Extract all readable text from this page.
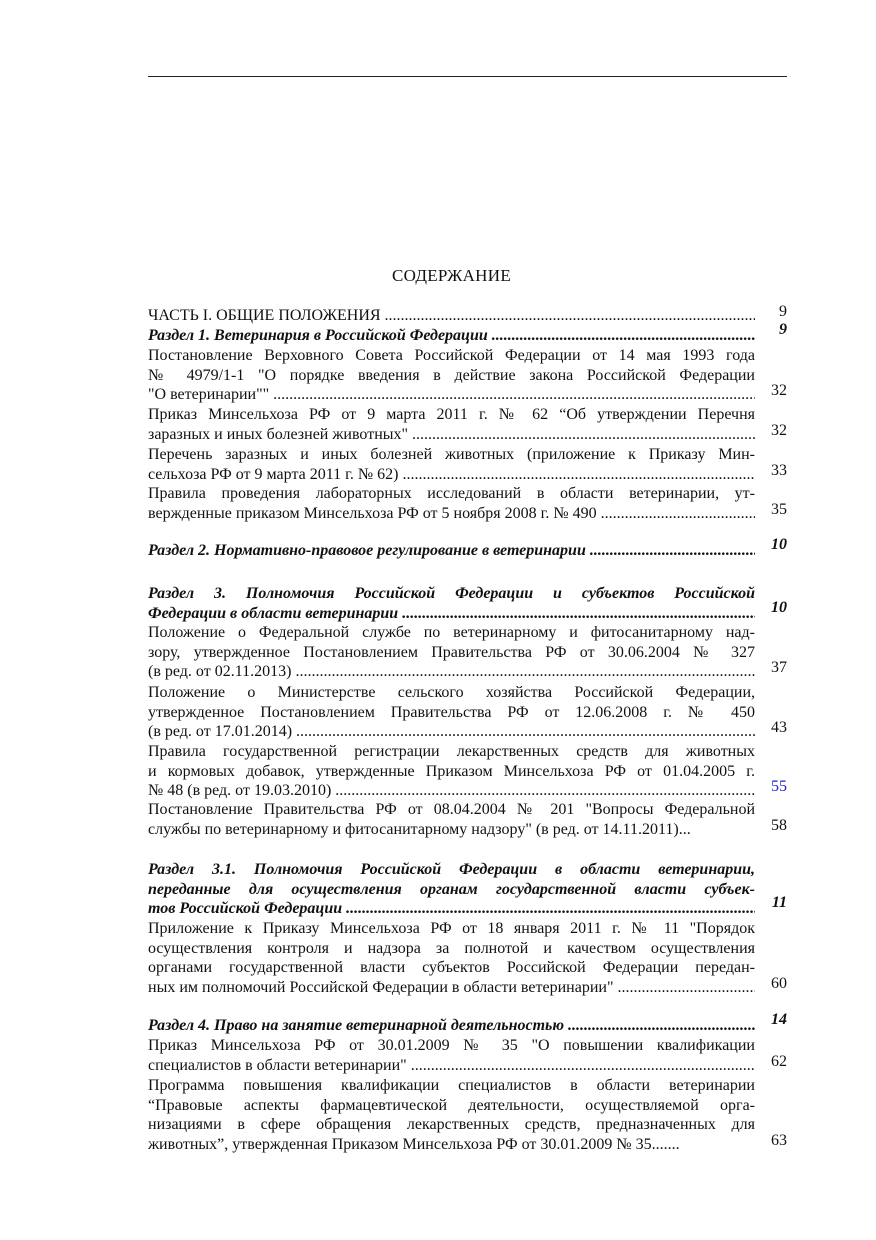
СОДЕРЖАНИЕ
ЧАСТЬ I. ОБЩИЕ ПОЛОЖЕНИЯ .....	9
Раздел 1. Ветеринария в Российской Федерации .....	9
Постановление Верховного Совета Российской Федерации от 14 мая 1993 года
№ 4979/1-1 "О порядке введения в действие закона Российской Федерации
"О ветеринарии"" .....	32
Приказ Минсельхоза РФ от 9 марта 2011 г. № 62 “Об утверждении Перечня
заразных и иных болезней животных" .....	32
Перечень заразных и иных болезней животных (приложение к Приказу Мин-
сельхоза РФ от 9 марта 2011 г. № 62) .....	33
Правила проведения лабораторных исследований в области ветеринарии, ут-
вержденные приказом Минсельхоза РФ от 5 ноября 2008 г. № 490 .....	35
Раздел 2. Нормативно-правовое регулирование в ветеринарии .....	10
Раздел 3. Полномочия Российской Федерации и субъектов Российской
Федерации в области ветеринарии .....	10
Положение о Федеральной службе по ветеринарному и фитосанитарному над-
зору, утвержденное Постановлением Правительства РФ от 30.06.2004 № 327
(в ред. от 02.11.2013) .....	37
Положение о Министерстве сельского хозяйства Российской Федерации,
утвержденное Постановлением Правительства РФ от 12.06.2008 г. № 450
(в ред. от 17.01.2014) .....	43
Правила государственной регистрации лекарственных средств для животных
и кормовых добавок, утвержденные Приказом Минсельхоза РФ от 01.04.2005 г.
№ 48 (в ред. от 19.03.2010) .....	55
Постановление Правительства РФ от 08.04.2004 № 201 "Вопросы Федеральной
службы по ветеринарному и фитосанитарному надзору" (в ред. от 14.11.2011)...	58
Раздел 3.1. Полномочия Российской Федерации в области ветеринарии,
переданные для осуществления органам государственной власти субъек-
тов Российской Федерации .....	11
Приложение к Приказу Минсельхоза РФ от 18 января 2011 г. № 11 "Порядок
осуществления контроля и надзора за полнотой и качеством осуществления
органами государственной власти субъектов Российской Федерации передан-
ных им полномочий Российской Федерации в области ветеринарии" .....	60
Раздел 4. Право на занятие ветеринарной деятельностью .....	14
Приказ Минсельхоза РФ от 30.01.2009 № 35 "О повышении квалификации
специалистов в области ветеринарии" .....	62
Программа повышения квалификации специалистов в области ветеринарии
“Правовые аспекты фармацевтической деятельности, осуществляемой орга-
низациями в сфере обращения лекарственных средств, предназначенных для
животных”, утвержденная Приказом Минсельхоза РФ от 30.01.2009 № 35.......	63
